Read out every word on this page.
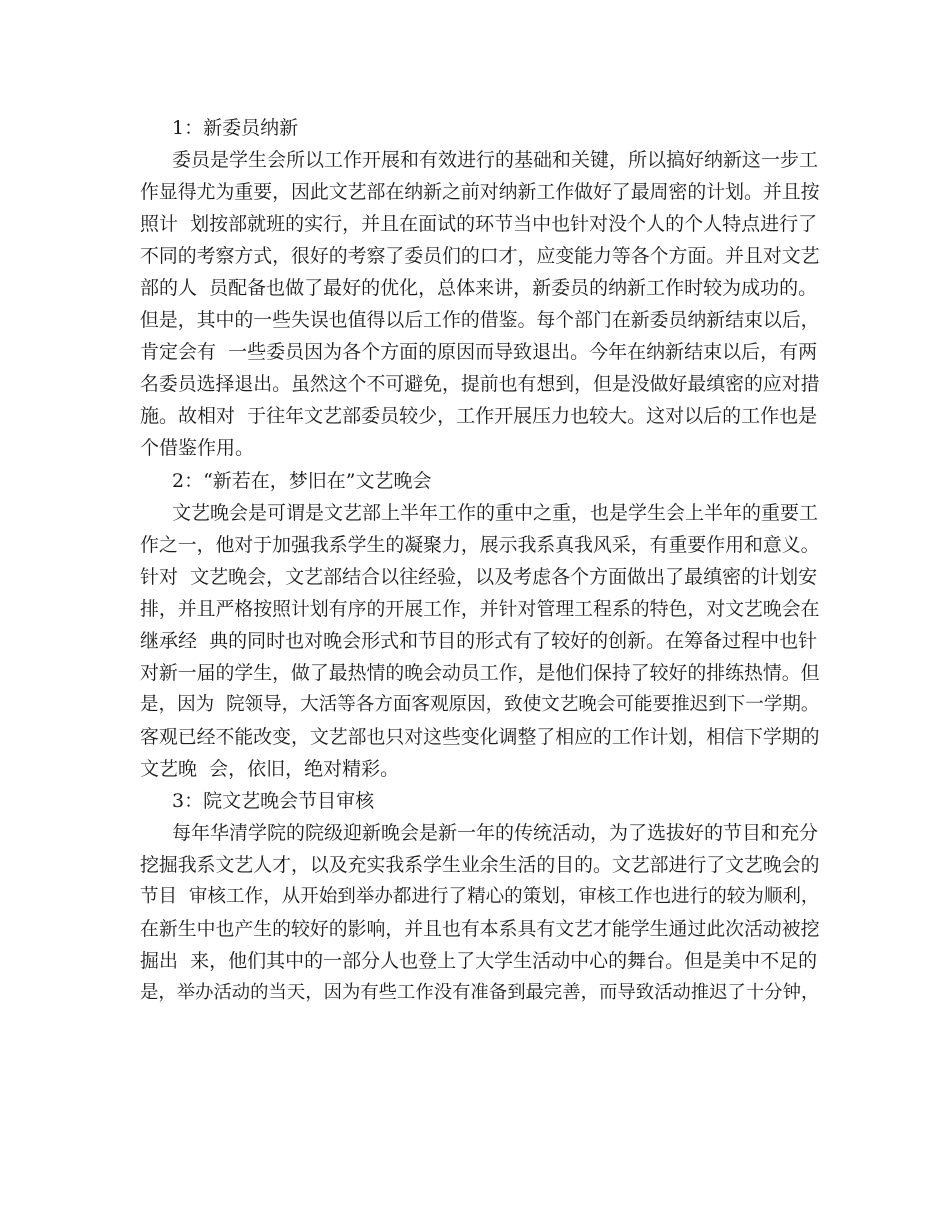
1：新委员纳新
委员是学生会所以工作开展和有效进行的基础和关键，所以搞好纳新这一步工
作显得尤为重要，因此文艺部在纳新之前对纳新工作做好了最周密的计划。并且按
照计  划按部就班的实行，并且在面试的环节当中也针对没个人的个人特点进行了
不同的考察方式，很好的考察了委员们的口才，应变能力等各个方面。并且对文艺
部的人  员配备也做了最好的优化，总体来讲，新委员的纳新工作时较为成功的。
但是，其中的一些失误也值得以后工作的借鉴。每个部门在新委员纳新结束以后，
肯定会有  一些委员因为各个方面的原因而导致退出。今年在纳新结束以后，有两
名委员选择退出。虽然这个不可避免，提前也有想到，但是没做好最缜密的应对措
施。故相对  于往年文艺部委员较少，工作开展压力也较大。这对以后的工作也是
个借鉴作用。
2：“新若在，梦旧在”文艺晚会
文艺晚会是可谓是文艺部上半年工作的重中之重，也是学生会上半年的重要工
作之一，他对于加强我系学生的凝聚力，展示我系真我风采，有重要作用和意义。
针对  文艺晚会，文艺部结合以往经验，以及考虑各个方面做出了最缜密的计划安
排，并且严格按照计划有序的开展工作，并针对管理工程系的特色，对文艺晚会在
继承经  典的同时也对晚会形式和节目的形式有了较好的创新。在筹备过程中也针
对新一届的学生，做了最热情的晚会动员工作，是他们保持了较好的排练热情。但
是，因为  院领导，大活等各方面客观原因，致使文艺晚会可能要推迟到下一学期。
客观已经不能改变，文艺部也只对这些变化调整了相应的工作计划，相信下学期的
文艺晚  会，依旧，绝对精彩。
3：院文艺晚会节目审核
每年华清学院的院级迎新晚会是新一年的传统活动，为了选拔好的节目和充分
挖掘我系文艺人才，以及充实我系学生业余生活的目的。文艺部进行了文艺晚会的
节目  审核工作，从开始到举办都进行了精心的策划，审核工作也进行的较为顺利，
在新生中也产生的较好的影响，并且也有本系具有文艺才能学生通过此次活动被挖
掘出  来，他们其中的一部分人也登上了大学生活动中心的舞台。但是美中不足的
是，举办活动的当天，因为有些工作没有准备到最完善，而导致活动推迟了十分钟，
